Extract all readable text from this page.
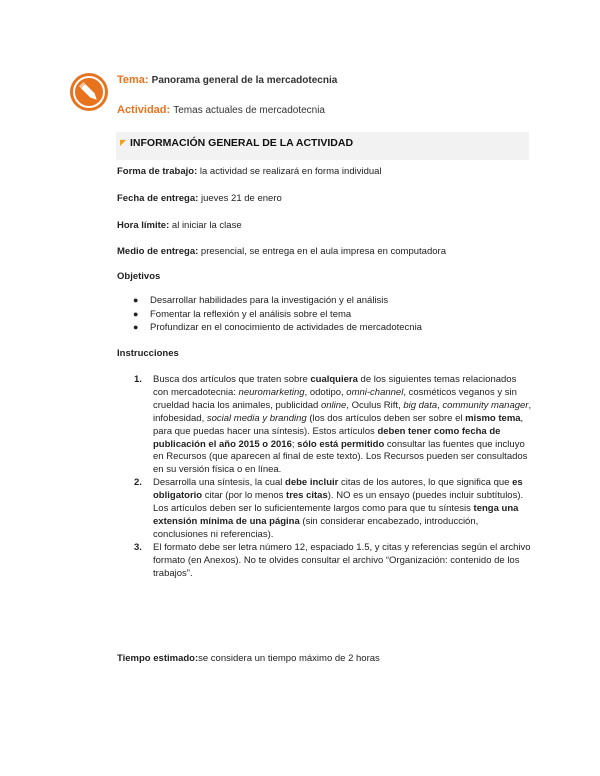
Tema: Panorama general de la mercadotecnia
Actividad: Temas actuales de mercadotecnia
◤ INFORMACIÓN GENERAL DE LA ACTIVIDAD
Forma de trabajo: la actividad se realizará en forma individual
Fecha de entrega: jueves 21 de enero
Hora límite: al iniciar la clase
Medio de entrega: presencial, se entrega en el aula impresa en computadora
Objetivos
● Desarrollar habilidades para la investigación y el análisis
● Fomentar la reflexión y el análisis sobre el tema
● Profundizar en el conocimiento de actividades de mercadotecnia
Instrucciones
1. Busca dos artículos que traten sobre cualquiera de los siguientes temas relacionados con mercadotecnia: neuromarketing, odotipo, omni-channel, cosméticos veganos y sin crueldad hacia los animales, publicidad online, Oculus Rift, big data, community manager, infobesidad, social media y branding (los dos artículos deben ser sobre el mismo tema, para que puedas hacer una síntesis). Estos artículos deben tener como fecha de publicación el año 2015 o 2016; sólo está permitido consultar las fuentes que incluyo en Recursos (que aparecen al final de este texto). Los Recursos pueden ser consultados en su versión física o en línea.
2. Desarrolla una síntesis, la cual debe incluir citas de los autores, lo que significa que es obligatorio citar (por lo menos tres citas). NO es un ensayo (puedes incluir subtítulos). Los artículos deben ser lo suficientemente largos como para que tu síntesis tenga una extensión mínima de una página (sin considerar encabezado, introducción, conclusiones ni referencias).
3. El formato debe ser letra número 12, espaciado 1.5, y citas y referencias según el archivo formato (en Anexos). No te olvides consultar el archivo “Organización: contenido de los trabajos”.
Tiempo estimado:se considera un tiempo máximo de 2 horas
